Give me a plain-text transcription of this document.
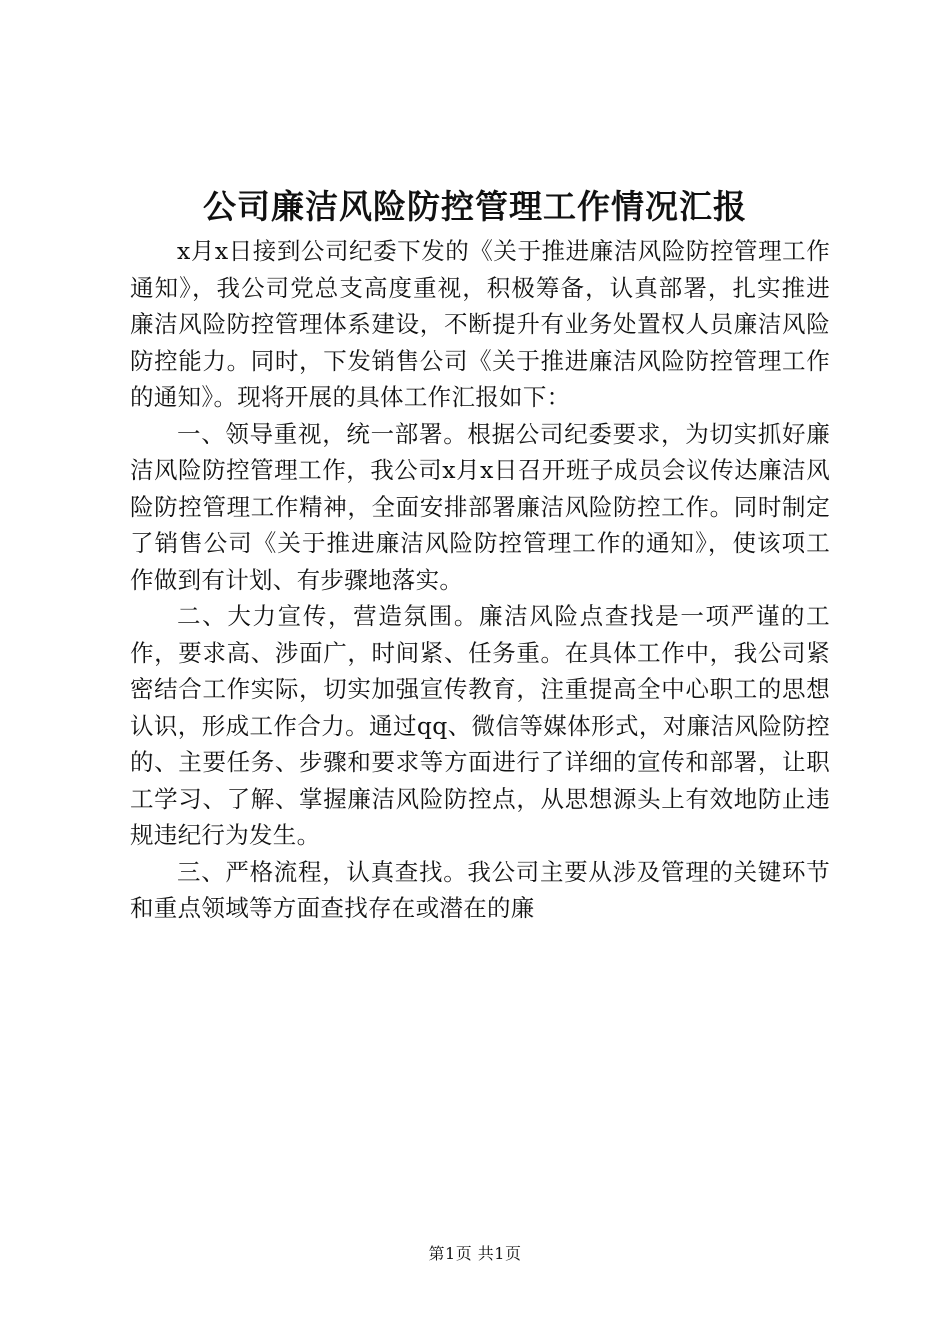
公司廉洁风险防控管理工作情况汇报

x月x日接到公司纪委下发的《关于推进廉洁风险防控管理工作通知》，我公司党总支高度重视，积极筹备，认真部署，扎实推进廉洁风险防控管理体系建设，不断提升有业务处置权人员廉洁风险防控能力。同时，下发销售公司《关于推进廉洁风险防控管理工作的通知》。现将开展的具体工作汇报如下：

一、领导重视，统一部署。根据公司纪委要求，为切实抓好廉洁风险防控管理工作，我公司x月x日召开班子成员会议传达廉洁风险防控管理工作精神，全面安排部署廉洁风险防控工作。同时制定了销售公司《关于推进廉洁风险防控管理工作的通知》，使该项工作做到有计划、有步骤地落实。

二、大力宣传，营造氛围。廉洁风险点查找是一项严谨的工作，要求高、涉面广，时间紧、任务重。在具体工作中，我公司紧密结合工作实际，切实加强宣传教育，注重提高全中心职工的思想认识，形成工作合力。通过qq、微信等媒体形式，对廉洁风险防控的、主要任务、步骤和要求等方面进行了详细的宣传和部署，让职工学习、了解、掌握廉洁风险防控点，从思想源头上有效地防止违规违纪行为发生。

三、严格流程，认真查找。我公司主要从涉及管理的关键环节和重点领域等方面查找存在或潜在的廉

第1页 共1页
